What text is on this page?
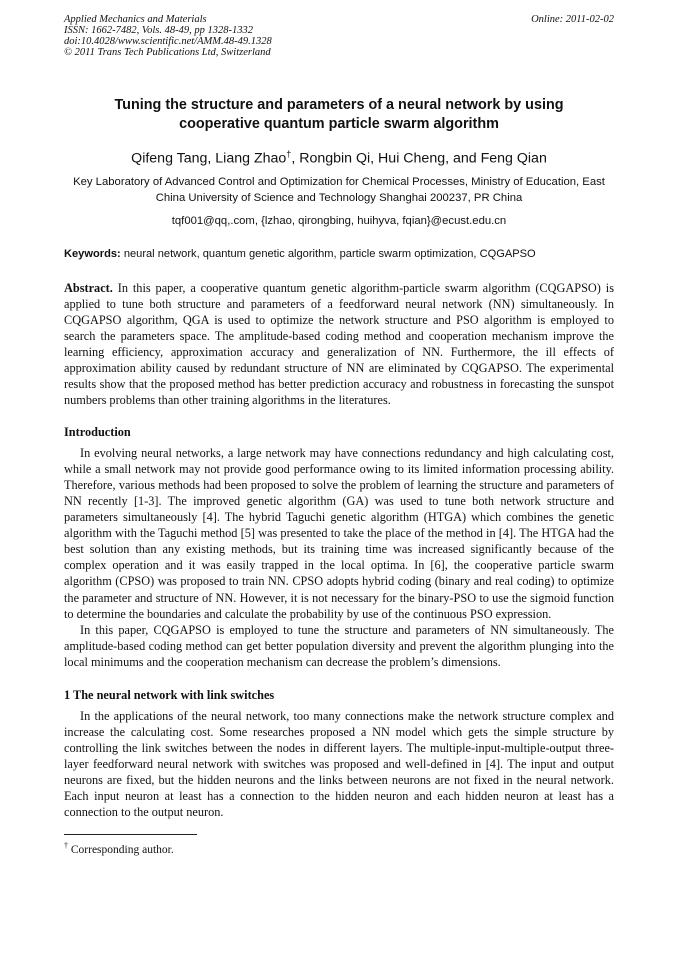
Applied Mechanics and Materials
ISSN: 1662-7482, Vols. 48-49, pp 1328-1332
doi:10.4028/www.scientific.net/AMM.48-49.1328
© 2011 Trans Tech Publications Ltd, Switzerland
Online: 2011-02-02
Tuning the structure and parameters of a neural network by using cooperative quantum particle swarm algorithm
Qifeng Tang, Liang Zhao†, Rongbin Qi, Hui Cheng, and Feng Qian
Key Laboratory of Advanced Control and Optimization for Chemical Processes, Ministry of Education, East China University of Science and Technology Shanghai 200237, PR China
tqf001@qq,.com, {lzhao, qirongbing, huihyva, fqian}@ecust.edu.cn
Keywords: neural network, quantum genetic algorithm, particle swarm optimization, CQGAPSO

Abstract. In this paper, a cooperative quantum genetic algorithm-particle swarm algorithm (CQGAPSO) is applied to tune both structure and parameters of a feedforward neural network (NN) simultaneously. In CQGAPSO algorithm, QGA is used to optimize the network structure and PSO algorithm is employed to search the parameters space. The amplitude-based coding method and cooperation mechanism improve the learning efficiency, approximation accuracy and generalization of NN. Furthermore, the ill effects of approximation ability caused by redundant structure of NN are eliminated by CQGAPSO. The experimental results show that the proposed method has better prediction accuracy and robustness in forecasting the sunspot numbers problems than other training algorithms in the literatures.

Introduction

In evolving neural networks, a large network may have connections redundancy and high calculating cost, while a small network may not provide good performance owing to its limited information processing ability. Therefore, various methods had been proposed to solve the problem of learning the structure and parameters of NN recently [1-3]. The improved genetic algorithm (GA) was used to tune both network structure and parameters simultaneously [4]. The hybrid Taguchi genetic algorithm (HTGA) which combines the genetic algorithm with the Taguchi method [5] was presented to take the place of the method in [4]. The HTGA had the best solution than any existing methods, but its training time was increased significantly because of the complex operation and it was easily trapped in the local optima. In [6], the cooperative particle swarm algorithm (CPSO) was proposed to train NN. CPSO adopts hybrid coding (binary and real coding) to optimize the parameter and structure of NN. However, it is not necessary for the binary-PSO to use the sigmoid function to determine the boundaries and calculate the probability by use of the continuous PSO expression.

In this paper, CQGAPSO is employed to tune the structure and parameters of NN simultaneously. The amplitude-based coding method can get better population diversity and prevent the algorithm plunging into the local minimums and the cooperation mechanism can decrease the problem’s dimensions.

1 The neural network with link switches

In the applications of the neural network, too many connections make the network structure complex and increase the calculating cost. Some researches proposed a NN model which gets the simple structure by controlling the link switches between the nodes in different layers. The multiple-input-multiple-output three-layer feedforward neural network with switches was proposed and well-defined in [4]. The input and output neurons are fixed, but the hidden neurons and the links between neurons are not fixed in the neural network. Each input neuron at least has a connection to the hidden neuron and each hidden neuron at least has a connection to the output neuron.

† Corresponding author.
